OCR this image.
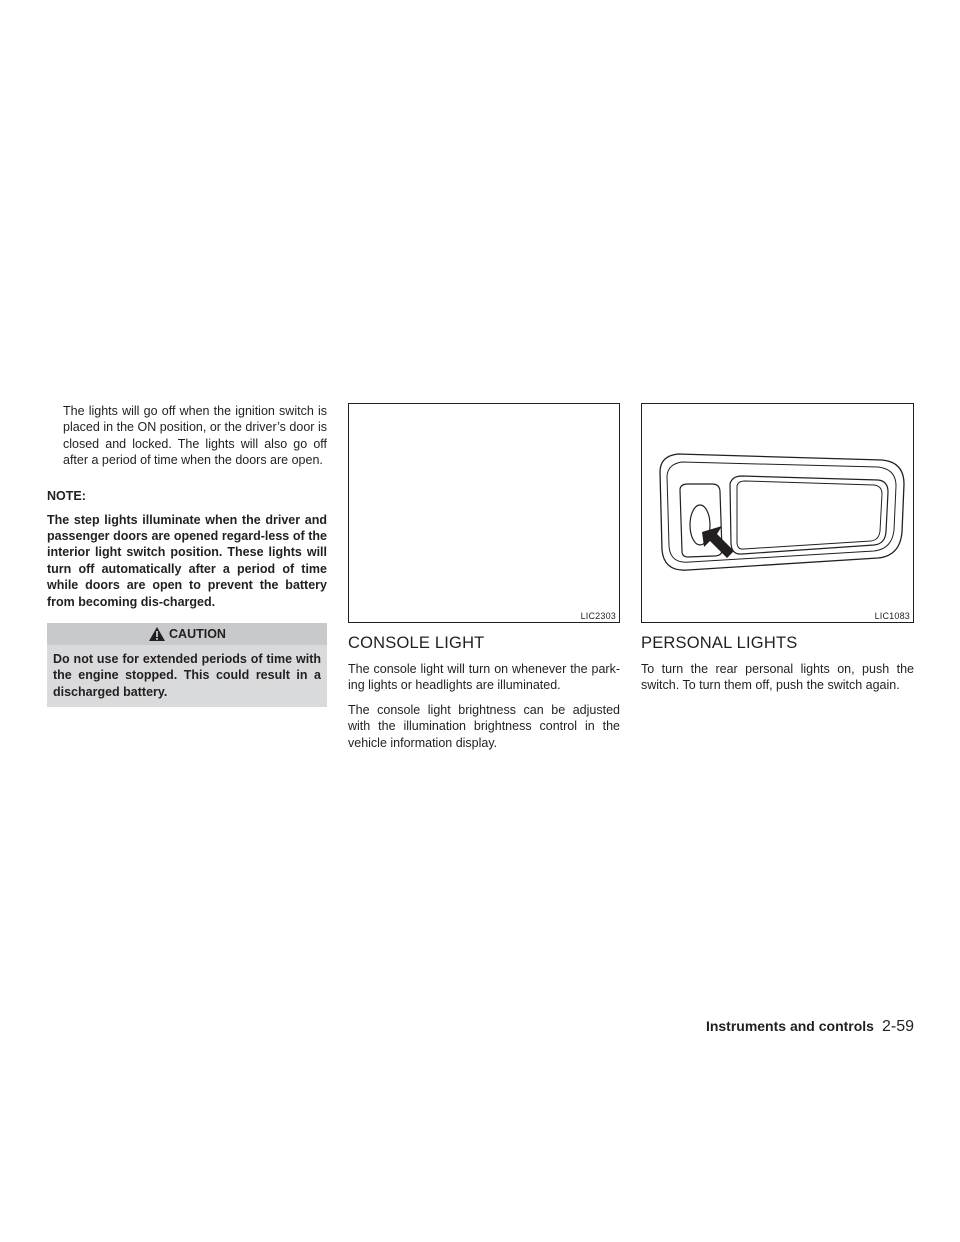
The lights will go off when the ignition switch is placed in the ON position, or the driver’s door is closed and locked. The lights will also go off after a period of time when the doors are open.

NOTE:

The step lights illuminate when the driver and passenger doors are opened regard-less of the interior light switch position. These lights will turn off automatically after a period of time while doors are open to prevent the battery from becoming dis-charged.

CAUTION
Do not use for extended periods of time with the engine stopped. This could result in a discharged battery.
LIC2303
CONSOLE LIGHT

The console light will turn on whenever the park-ing lights or headlights are illuminated.

The console light brightness can be adjusted with the illumination brightness control in the vehicle information display.

LIC1083
PERSONAL LIGHTS

To turn the rear personal lights on, push the switch. To turn them off, push the switch again.

Instruments and controls 2-59
